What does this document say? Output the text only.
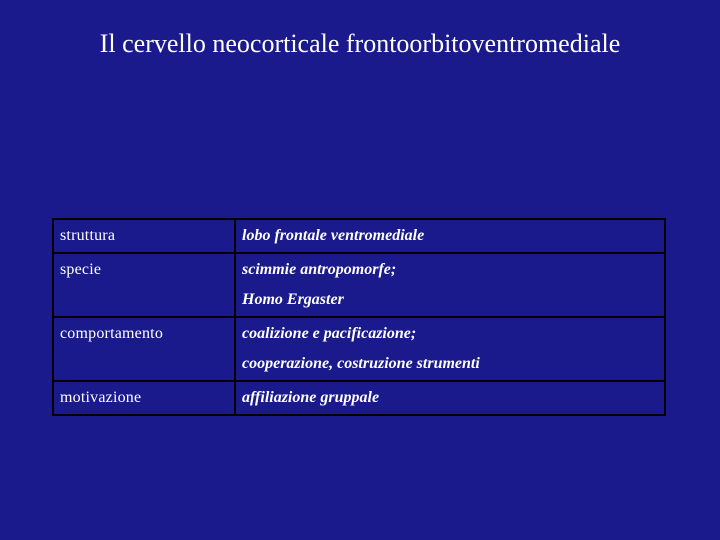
Il cervello neocorticale frontoorbitoventromediale
struttura	lobo frontale ventromediale

specie	scimmie antropomorfe;
Homo Ergaster

comportamento	coalizione e pacificazione;
cooperazione, costruzione strumenti

motivazione	affiliazione gruppale
